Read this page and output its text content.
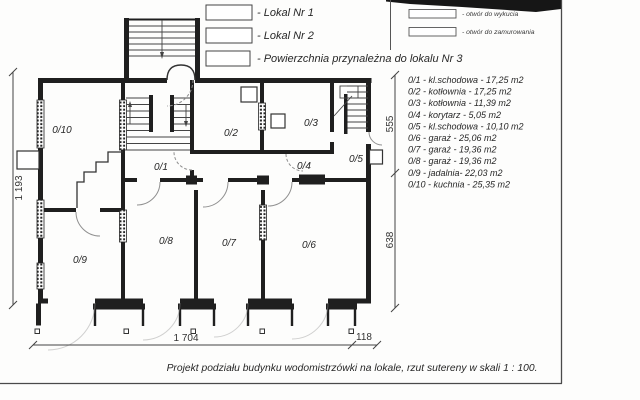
- Lokal Nr 1
- Lokal Nr 2
- Powierzchnia przynależna do lokalu Nr 3
- otwór do wykucia
- otwór do zamurowania
0/1 - kl.schodowa - 17,25 m2
0/2 - kotłownia - 17,25 m2
0/3 - kotłownia - 11,39 m2
0/4 - korytarz - 5,05 m2
0/5 - kl.schodowa - 10,10 m2
0/6 - garaż - 25,06 m2
0/7 - garaż - 19,36 m2
0/8 - garaż - 19,36 m2
0/9 - jadalnia- 22,03 m2
0/10 - kuchnia - 25,35 m2
0/1
0/2
0/3
0/4
0/5
0/6
0/7
0/8
0/9
0/10
1 193
555
638
1 704	118
Projekt podziału budynku wodomistrzówki na lokale, rzut sutereny w skali 1 : 100.
